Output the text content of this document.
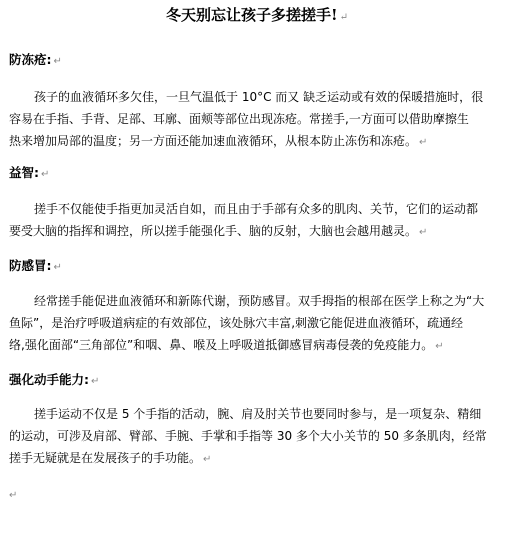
冬天别忘让孩子多搓搓手! ↵
防冻疮: ↵
孩子的血液循环多欠佳，一旦气温低于 10°C 而又 缺乏运动或有效的保暖措施时，很
容易在手指、手背、足部、耳廓、面颊等部位出现冻疮。常搓手,一方面可以借助摩擦生
热来增加局部的温度；另一方面还能加速血液循环，从根本防止冻伤和冻疮。 ↵
益智: ↵
搓手不仅能使手指更加灵活自如，而且由于手部有众多的肌肉、关节，它们的运动都
要受大脑的指挥和调控，所以搓手能强化手、脑的反射，大脑也会越用越灵。 ↵
防感冒: ↵
经常搓手能促进血液循环和新陈代谢，预防感冒。双手拇指的根部在医学上称之为“大
鱼际”，是治疗呼吸道病症的有效部位，该处脉穴丰富,刺激它能促进血液循环，疏通经
络,强化面部“三角部位”和咽、鼻、喉及上呼吸道抵御感冒病毒侵袭的免疫能力。 ↵
强化动手能力: ↵
搓手运动不仅是 5 个手指的活动，腕、肩及肘关节也要同时参与，是一项复杂、精细
的运动，可涉及肩部、臂部、手腕、手掌和手指等 30 多个大小关节的 50 多条肌肉，经常
搓手无疑就是在发展孩子的手功能。 ↵
↵
